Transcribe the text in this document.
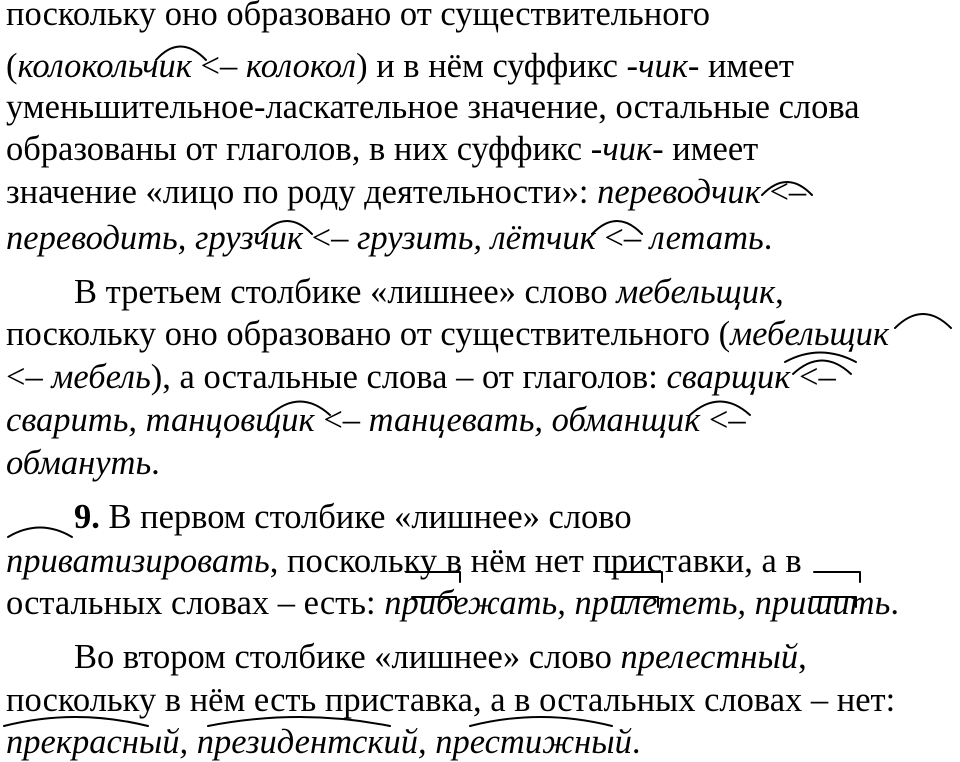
поскольку оно образовано от существительного
(колокольчик <– колокол) и в нём суффикс -чик- имеет
уменьшительное-ласкательное значение, остальные слова
образованы от глаголов, в них суффикс -чик- имеет
значение «лицо по роду деятельности»: переводчик <–
переводить, грузчик <– грузить, лётчик <– летать.
В третьем столбике «лишнее» слово мебельщик,
поскольку оно образовано от существительного (мебельщик
<– мебель), а остальные слова – от глаголов: сварщик <–
сварить, танцовщик <– танцевать, обманщик <–
обмануть.
9. В первом столбике «лишнее» слово
приватизировать, поскольку в нём нет приставки, а в
остальных словах – есть: прибежать, прилететь, пришить.
Во втором столбике «лишнее» слово прелестный,
поскольку в нём есть приставка, а в остальных словах – нет:
прекрасный, президентский, престижный.
